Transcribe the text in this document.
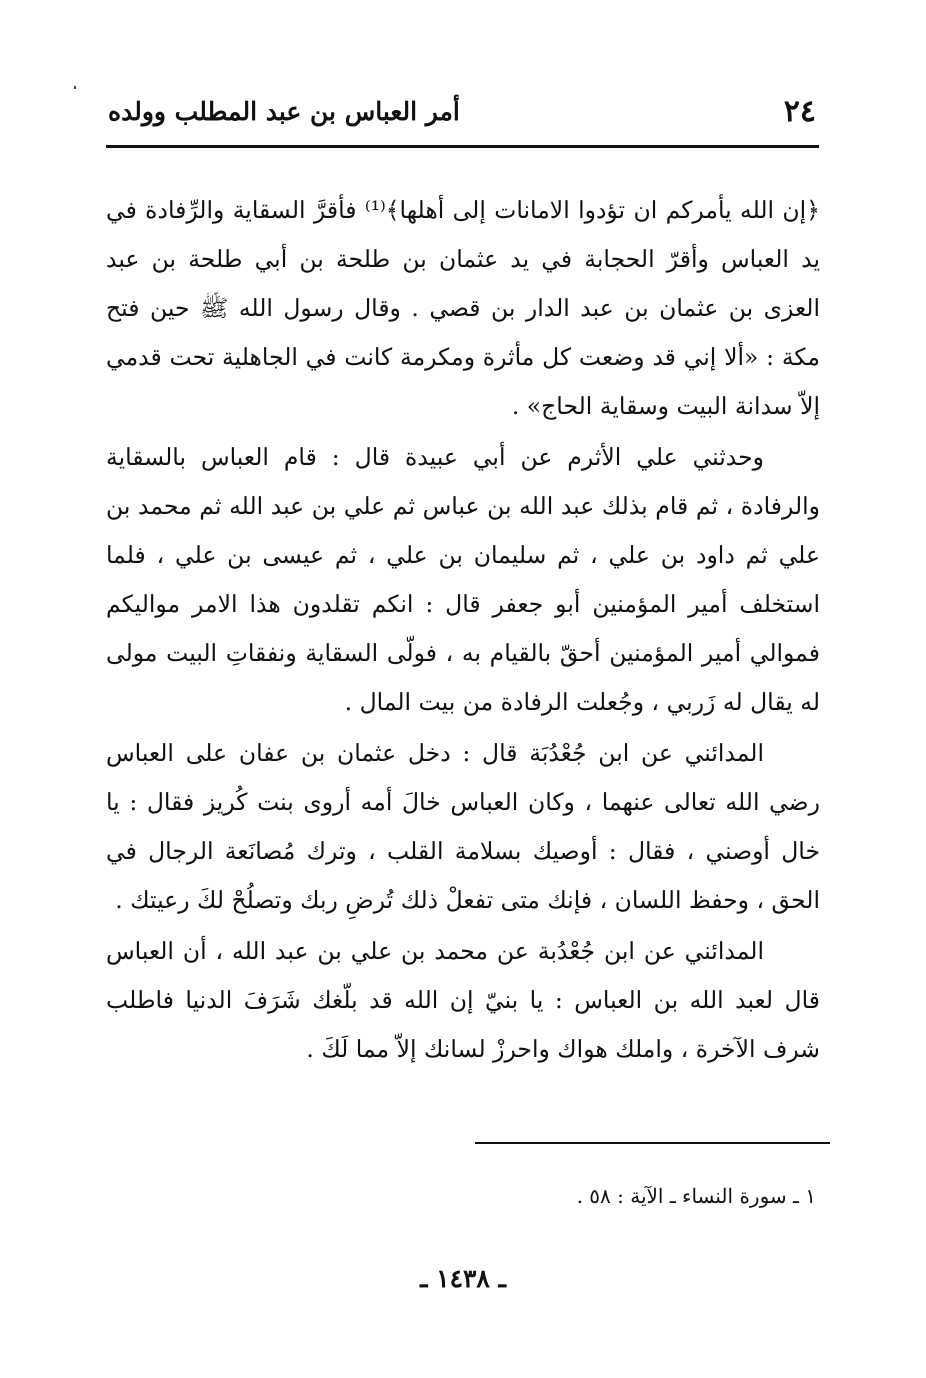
٢٤
أمر العباس بن عبد المطلب وولده

﴿إن الله يأمركم ان تؤدوا الامانات إلى أهلها﴾⁽¹⁾ فأقرَّ السقاية والرِّفادة في يد العباس وأقرّ الحجابة في يد عثمان بن طلحة بن أبي طلحة بن عبد العزى بن عثمان بن عبد الدار بن قصي . وقال رسول الله ﷺ حين فتح مكة : «ألا إني قد وضعت كل مأثرة ومكرمة كانت في الجاهلية تحت قدمي إلاّ سدانة البيت وسقاية الحاج» .

وحدثني علي الأثرم عن أبي عبيدة قال : قام العباس بالسقاية والرفادة ، ثم قام بذلك عبد الله بن عباس ثم علي بن عبد الله ثم محمد بن علي ثم داود بن علي ، ثم سليمان بن علي ، ثم عيسى بن علي ، فلما استخلف أمير المؤمنين أبو جعفر قال : انكم تقلدون هذا الامر مواليكم فموالي أمير المؤمنين أحقّ بالقيام به ، فولّى السقاية ونفقاتِ البيت مولى له يقال له زَربي ، وجُعلت الرفادة من بيت المال .

المدائني عن ابن جُعْدُبَة قال : دخل عثمان بن عفان على العباس رضي الله تعالى عنهما ، وكان العباس خالَ أمه أروى بنت كُريز فقال : يا خال أوصني ، فقال : أوصيك بسلامة القلب ، وترك مُصانَعة الرجال في الحق ، وحفظ اللسان ، فإنك متى تفعلْ ذلك تُرضِ ربك وتصلُحْ لكَ رعيتك .

المدائني عن ابن جُعْدُبة عن محمد بن علي بن عبد الله ، أن العباس قال لعبد الله بن العباس : يا بنيّ إن الله قد بلّغك شَرَفَ الدنيا فاطلب شرف الآخرة ، واملك هواك واحرزْ لسانك إلاّ مما لَكَ .

١ ـ سورة النساء ـ الآية : ٥٨ .
ـ ١٤٣٨ ـ
